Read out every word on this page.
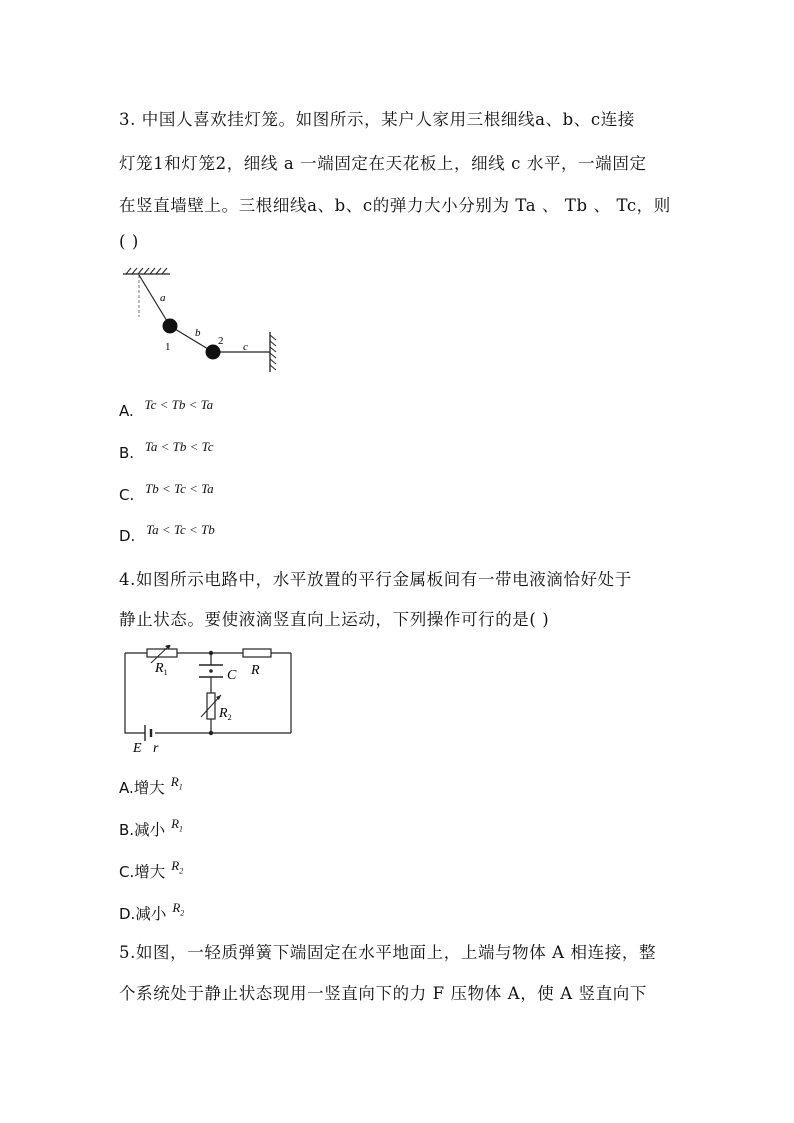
3. 中国人喜欢挂灯笼。如图所示，某户人家用三根细线a、b、c连接
灯笼1和灯笼2，细线 a 一端固定在天花板上，细线 c 水平，一端固定
在竖直墙壁上。三根细线a、b、c的弹力大小分别为 Ta 、 Tb 、 Tc，则
( )
a
b
c
1	2
A. Tc < Tb < Ta
B. Ta < Tb < Tc
C. Tb < Tc < Ta
D. Ta < Tc < Tb
4.如图所示电路中，水平放置的平行金属板间有一带电液滴恰好处于
静止状态。要使液滴竖直向上运动，下列操作可行的是( )
$R_1$	C R
$R_2$
E r
A.增大 $R_1$
B.减小 $R_1$
C.增大 $R_2$
D.减小 $R_2$
5.如图，一轻质弹簧下端固定在水平地面上，上端与物体 A 相连接，整
个系统处于静止状态现用一竖直向下的力 F 压物体 A，使 A 竖直向下
